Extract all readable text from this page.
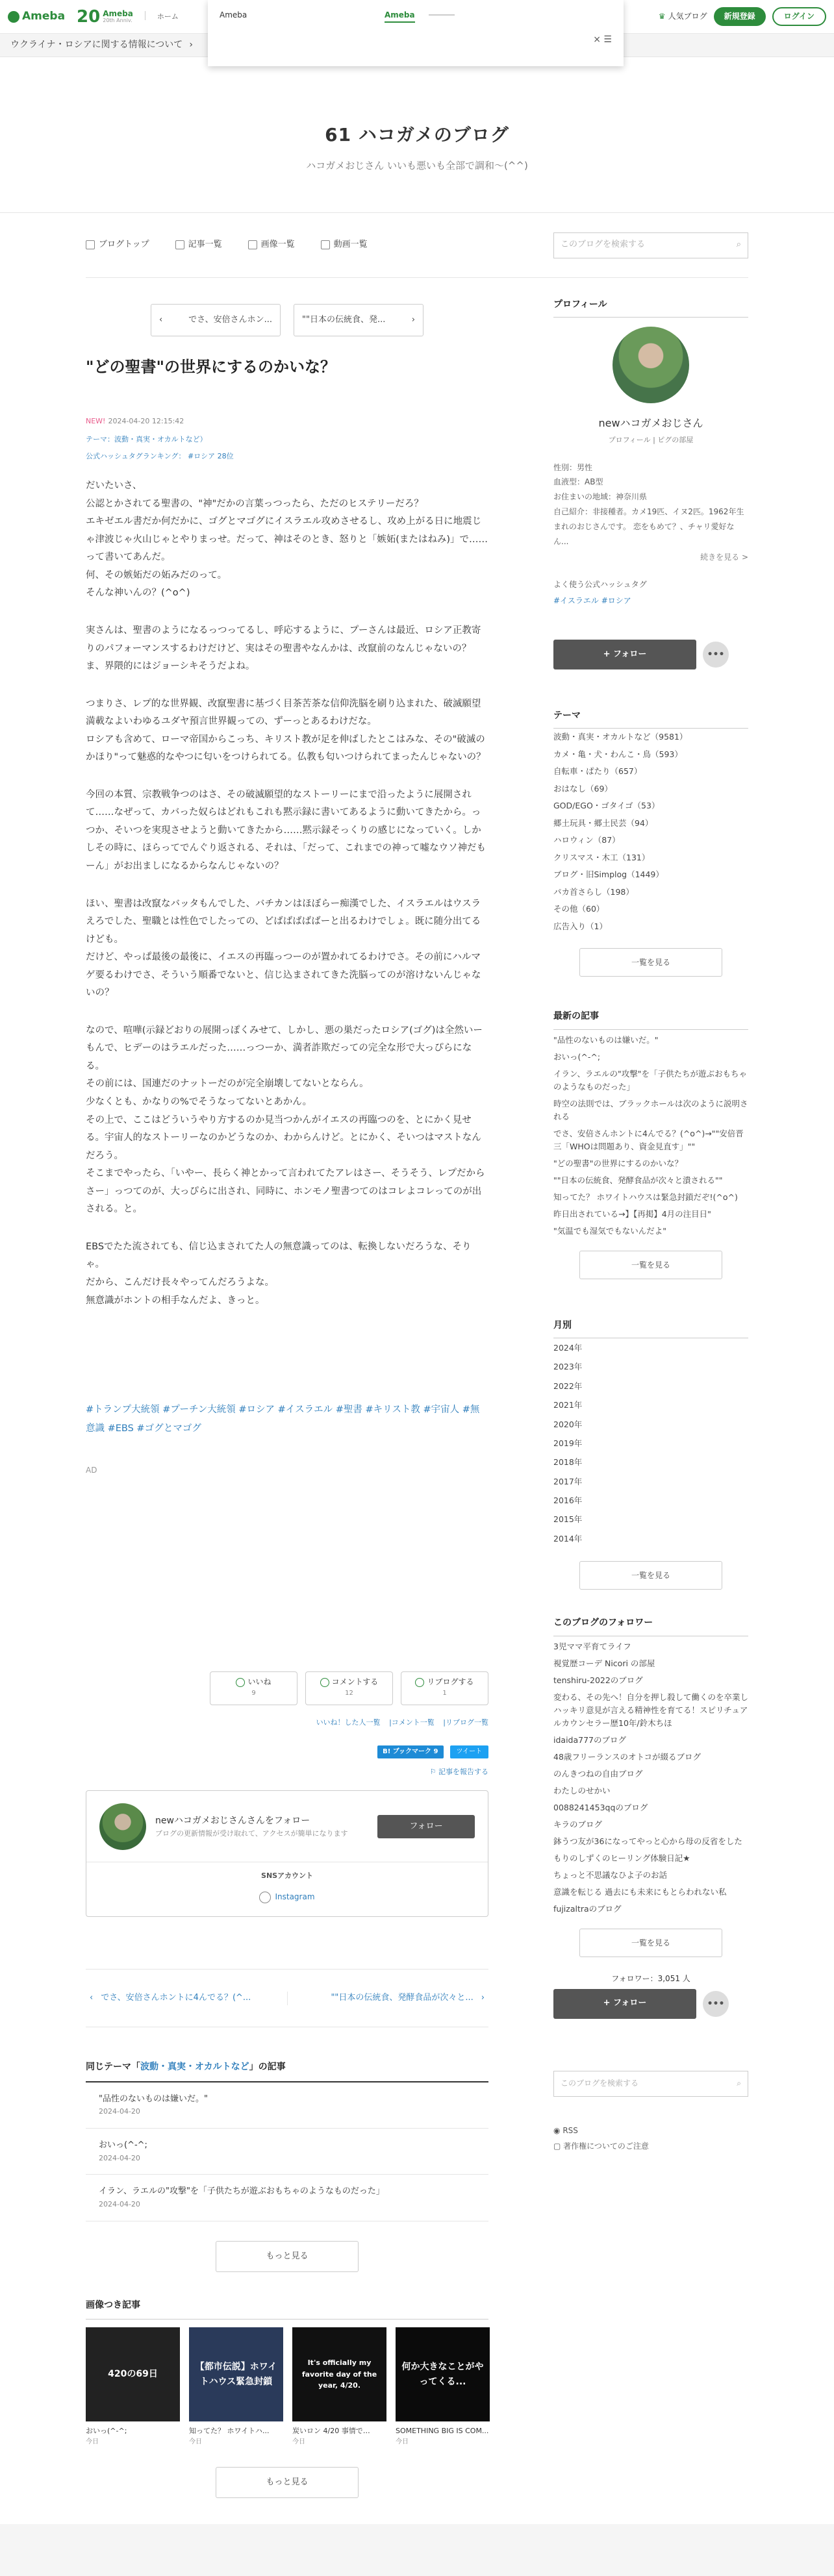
Ameba 20 Ameba
20th Anniv.	ホーム	Ameba	Ameba
× ☰
♛ 人気ブログ	新規登録	ログイン
ウクライナ・ロシアに関する情報について ›
61 ハコガメのブログ
ハコガメおじさん いいも悪いも全部で調和〜(^^)
ブログトップ	記事一覧	画像一覧	動画一覧	このブログを検索する	⌕
‹	でさ、安倍さんホン...	""日本の伝統食、発...	›
"どの聖書"の世界にするのかいな？
NEW! 2024-04-20 12:15:42
テーマ：波動・真実・オカルトなど）
公式ハッシュタグランキング： #ロシア 28位

だいたいさ、
公認とかされてる聖書の、"神"だかの言葉っつったら、ただのヒステリーだろ？
エキゼエル書だか何だかに、ゴグとマゴグにイスラエル攻めさせるし、攻め上がる日に地震じゃ津波じゃ火山じゃとやりまっせ。だって、神はそのとき、怒りと「嫉妬(またはねみ)」で……って書いてあんだ。
何、その嫉妬だの妬みだのって。
そんな神いんの？(^o^)

実さんは、聖書のようになるっつってるし、呼応するように、プーさんは最近、ロシア正教寄りのパフォーマンスするわけだけど、実はその聖書やなんかは、改竄前のなんじゃないの？ ま、界隈的にはジョーシキそうだよね。

つまりさ、レプ的な世界観、改竄聖書に基づく目茶苦茶な信仰洗脳を刷り込まれた、破滅願望満載なよいわゆるユダヤ預言世界観っての、ずーっとあるわけだな。
ロシアも含めて、ローマ帝国からこっち、キリスト教が足を伸ばしたとこはみな、その"破滅のかほり"って魅惑的なやつに匂いをつけられてる。仏教も匂いつけられてまったんじゃないの？

今回の本質、宗教戦争つのはさ、その破滅願望的なストーリーにまで沿ったように展開されて……なぜって、カバった奴らはどれもこれも黙示録に書いてあるように動いてきたから。っつか、そいつを実現させようと動いてきたから……黙示録そっくりの感じになっていく。しかしその時に、ほらってでんぐり返される、それは、「だって、これまでの神って嘘なウソ神だもーん」がお出ましになるからなんじゃないの？

ほい、聖書は改竄なバッタもんでした、バチカンはほぼらー痴漢でした、イスラエルはウスラえろでした、聖職とは性色でしたっての、どばばばばばーと出るわけでしょ。既に随分出てるけども。
だけど、やっぱ最後の最後に、イエスの再臨っつーのが置かれてるわけでさ。その前にハルマゲ要るわけでさ、そういう順番でないと、信じ込まされてきた洗脳ってのが溶けないんじゃないの？

なので、喧嘩(示録どおりの展開っぽくみせて、しかし、悪の巣だったロシア(ゴグ)は全然いーもんで、ヒデーのはラエルだった……っつーか、満者詐欺だっての完全な形で大っぴらになる。
その前には、国連だのナットーだのが完全崩壊してないとならん。
少なくとも、かなりの%でそうなってないとあかん。
その上で、ここはどういうやり方するのか見当つかんがイエスの再臨つのを、とにかく見せる。宇宙人的なストーリーなのかどうなのか、わからんけど。とにかく、そいつはマストなんだろう。
そこまでやったら、「いやー、長らく神とかって言われてたアレはさー、そうそう、レプだからさー」っつてのが、大っぴらに出され、同時に、ホンモノ聖書つてのはコレよコレってのが出される。と。

EBSでたた流されても、信じ込まされてた人の無意識ってのは、転換しないだろうな、そりゃ。
だから、こんだけ長々やってんだろうよな。
無意識がホントの相手なんだよ、きっと。

#トランプ大統領 #プーチン大統領 #ロシア #イスラエル #聖書 #キリスト教 #宇宙人 #無意識 #EBS #ゴグとマゴグ
AD
いいね
9
コメントする
12
リブログする
1
いいね！した人一覧 |コメント一覧 |リブログ一覧
B! ブックマーク 9	ツイート
⚐ 記事を報告する
newハコガメおじさんさんをフォロー
ブログの更新情報が受け取れて、アクセスが簡単になります
フォロー
SNSアカウント
Instagram
‹ でさ、安倍さんホントに4んでる？(^...	""日本の伝統食、発酵食品が次々と... ›
同じテーマ「波動・真実・オカルトなど」の記事
"品性のないものは嫌いだ。"
2024-04-20
おいっ(^-^;
2024-04-20
イラン、ラエルの"攻撃"を「子供たちが遊ぶおもちゃのようなものだった」
2024-04-20
もっと見る
画像つき記事
420の69日
おいっ(^-^;
今日
【都市伝説】ホワイトハウス緊急封鎖
知ってた？ ホワイトハ...
今日
It's officially my favorite day of the year, 4/20.
炭いロン 4/20 事情で…
今日
何か大きなことがやってくる...
SOMETHING BIG IS COM...
今日
もっと見る
プロフィール
newハコガメおじさん
プロフィール | ピグの部屋
性別：男性
血液型：AB型
お住まいの地域：神奈川県
自己紹介：非接種者。カメ19匹、イヌ2匹。1962年生まれのおじさんです。 恋をもめて？、チャリ愛好なん...
続きを見る >
よく使う公式ハッシュタグ
#イスラエル #ロシア
+ フォロー	•••
テーマ
波動・真実・オカルトなど（9581）
カメ・亀・犬・わんこ・鳥（593）
自転車・ぱたり（657）
おはなし（69）
GOD/EGO・ゴタイゴ（53）
郷土玩具・郷土民芸（94）
ハロウィン（87）
クリスマス・木工（131）
ブログ・旧Simplog（1449）
パカ首さらし（198）
その他（60）
広告入り（1）
一覧を見る
最新の記事
"品性のないものは嫌いだ。"
おいっ(^-^;
イラン、ラエルの"攻撃"を「子供たちが遊ぶおもちゃのようなものだった」
時空の法則では、ブラックホールは次のように説明される
でさ、安倍さんホントに4んでる？(^o^)→""安倍晋三「WHOは問題あり、資金見直す」""
"どの聖書"の世界にするのかいな？
""日本の伝統食、発酵食品が次々と潰される""
知ってた？ ホワイトハウスは緊急封鎖だぞ!(^o^)
昨日出されている→】【再掲】4月の注目日"
"気温でも湿気でもないんだよ"
一覧を見る
月別
2024年
2023年
2022年
2021年
2020年
2019年
2018年
2017年
2016年
2015年
2014年
一覧を見る
このブログのフォロワー
3児ママ平育てライフ
視覚歴コーデ Nicori の部屋
tenshiru-2022のブログ
変わる、その先へ！自分を押し殺して働くのを卒業しハッキリ意見が言える精神性を育てる！スピリチュアルカウンセラー歴10年/鈴木ちほ
idaida777のブログ
48歳フリーランスのオトコが綴るブログ
のんきつねの自由ブログ
わたしのせかい
0088241453qqのブログ
キラのブログ
鉢うつ友が36になってやっと心から母の反省をした
もりのしずくのヒーリング体験日記★
ちょっと不思議なひよ子のお話
意識を転じる 過去にも未来にもとらわれない私
fujizaltraのブログ
一覧を見る
フォロワー：3,051 人
+ フォロー	•••
このブログを検索する	⌕
◉ RSS
▢ 著作権についてのご注意
